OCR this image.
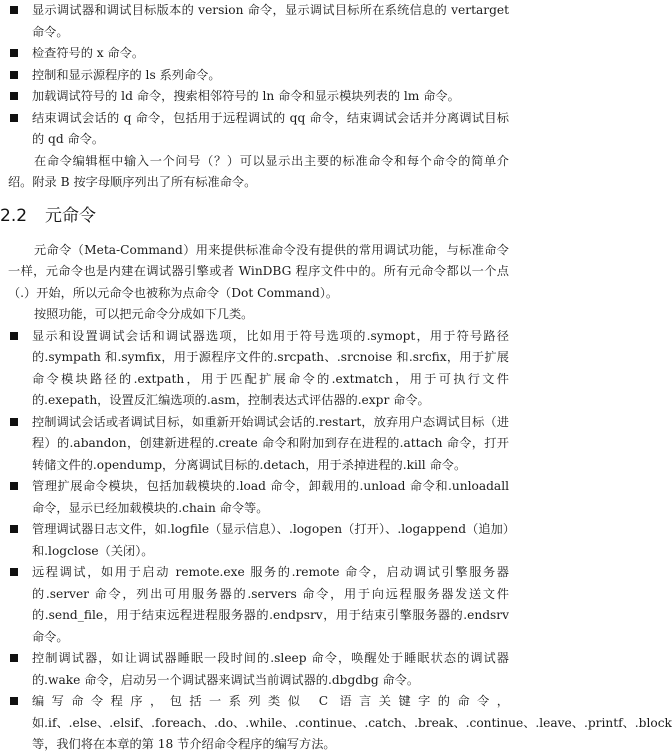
显示调试器和调试目标版本的 version 命令，显示调试目标所在系统信息的 vertarget 命令。

检查符号的 x 命令。

控制和显示源程序的 ls 系列命令。

加载调试符号的 ld 命令，搜索相邻符号的 ln 命令和显示模块列表的 lm 命令。

结束调试会话的 q 命令，包括用于远程调试的 qq 命令，结束调试会话并分离调试目标的 qd 命令。

在命令编辑框中输入一个问号（？）可以显示出主要的标准命令和每个命令的简单介绍。附录 B 按字母顺序列出了所有标准命令。

2.2 元命令

元命令（Meta-Command）用来提供标准命令没有提供的常用调试功能，与标准命令一样，元命令也是内建在调试器引擎或者 WinDBG 程序文件中的。所有元命令都以一个点（.）开始，所以元命令也被称为点命令（Dot Command）。

按照功能，可以把元命令分成如下几类。

显示和设置调试会话和调试器选项，比如用于符号选项的.symopt，用于符号路径的.sympath 和.symfix，用于源程序文件的.srcpath、.srcnoise 和.srcfix，用于扩展命令模块路径的.extpath，用于匹配扩展命令的.extmatch，用于可执行文件的.exepath，设置反汇编选项的.asm，控制表达式评估器的.expr 命令。

控制调试会话或者调试目标，如重新开始调试会话的.restart，放弃用户态调试目标（进程）的.abandon，创建新进程的.create 命令和附加到存在进程的.attach 命令，打开转储文件的.opendump，分离调试目标的.detach，用于杀掉进程的.kill 命令。

管理扩展命令模块，包括加载模块的.load 命令，卸载用的.unload 命令和.unloadall 命令，显示已经加载模块的.chain 命令等。

管理调试器日志文件，如.logfile（显示信息）、.logopen（打开）、.logappend（追加）和.logclose（关闭）。

远程调试，如用于启动 remote.exe 服务的.remote 命令，启动调试引擎服务器的.server 命令，列出可用服务器的.servers 命令，用于向远程服务器发送文件的.send_file，用于结束远程进程服务器的.endpsrv，用于结束引擎服务器的.endsrv 命令。

控制调试器，如让调试器睡眠一段时间的.sleep 命令，唤醒处于睡眠状态的调试器的.wake 命令，启动另一个调试器来调试当前调试器的.dbgdbg 命令。

编写命令程序，包括一系列类似 C 语言关键字的命令，如.if、.else、.elsif、.foreach、.do、.while、.continue、.catch、.break、.continue、.leave、.printf、.block 等，我们将在本章的第 18 节介绍命令程序的编写方法。
